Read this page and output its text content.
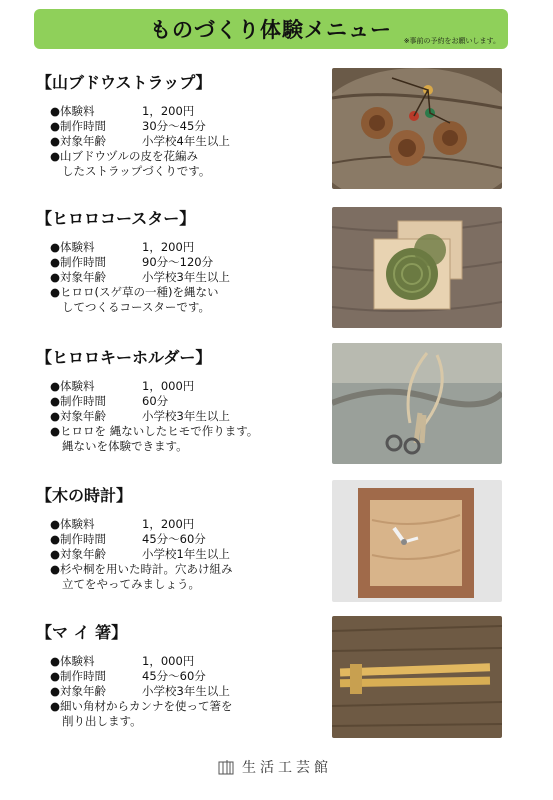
ものづくり体験メニュー	※事前の予約をお願いします。
【山ブドウストラップ】
●体験料	1，200円
●制作時間	30分～45分
●対象年齢	小学校4年生以上
●山ブドウヅルの皮を花編み
したストラップづくりです。
【ヒロロコースター】
●体験料	1，200円
●制作時間	90分～120分
●対象年齢	小学校3年生以上
●ヒロロ(スゲ草の一種)を縄ない
してつくるコースターです。
【ヒロロキーホルダー】
●体験料	1，000円
●制作時間	60分
●対象年齢	小学校3年生以上
●ヒロロを 縄ないしたヒモで作ります。
縄ないを体験できます。
【木の時計】
●体験料	1，200円
●制作時間	45分～60分
●対象年齢	小学校1年生以上
●杉や桐を用いた時計。穴あけ組み
立てをやってみましょう。
【マ イ 箸】
●体験料	1，000円
●制作時間	45分～60分
●対象年齢	小学校3年生以上
●細い角材からカンナを使って箸を
削り出します。
生活工芸館
